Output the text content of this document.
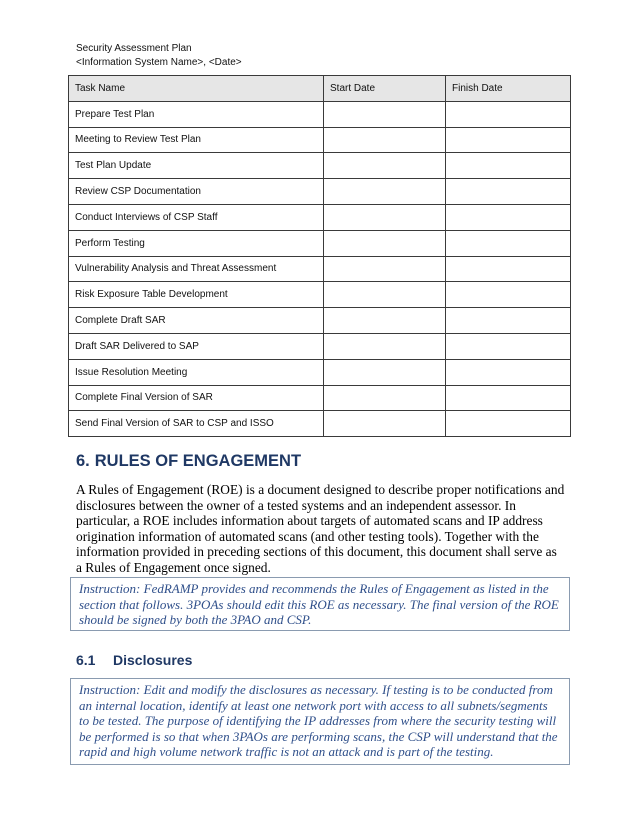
Security Assessment Plan
<Information System Name>, <Date>
Task Name	Start Date	Finish Date
Prepare Test Plan		
Meeting to Review Test Plan		
Test Plan Update		
Review CSP Documentation		
Conduct Interviews of CSP Staff		
Perform Testing		
Vulnerability Analysis and Threat Assessment		
Risk Exposure Table Development		
Complete Draft SAR		
Draft SAR Delivered to SAP		
Issue Resolution Meeting		
Complete Final Version of SAR		
Send Final Version of SAR to CSP and ISSO		
6. RULES OF ENGAGEMENT
A Rules of Engagement (ROE) is a document designed to describe proper notifications and disclosures between the owner of a tested systems and an independent assessor. In particular, a ROE includes information about targets of automated scans and IP address origination information of automated scans (and other testing tools). Together with the information provided in preceding sections of this document, this document shall serve as a Rules of Engagement once signed.
Instruction: FedRAMP provides and recommends the Rules of Engagement as listed in the section that follows. 3POAs should edit this ROE as necessary. The final version of the ROE should be signed by both the 3PAO and CSP.
6.1 Disclosures
Instruction: Edit and modify the disclosures as necessary. If testing is to be conducted from an internal location, identify at least one network port with access to all subnets/segments to be tested. The purpose of identifying the IP addresses from where the security testing will be performed is so that when 3PAOs are performing scans, the CSP will understand that the rapid and high volume network traffic is not an attack and is part of the testing.
